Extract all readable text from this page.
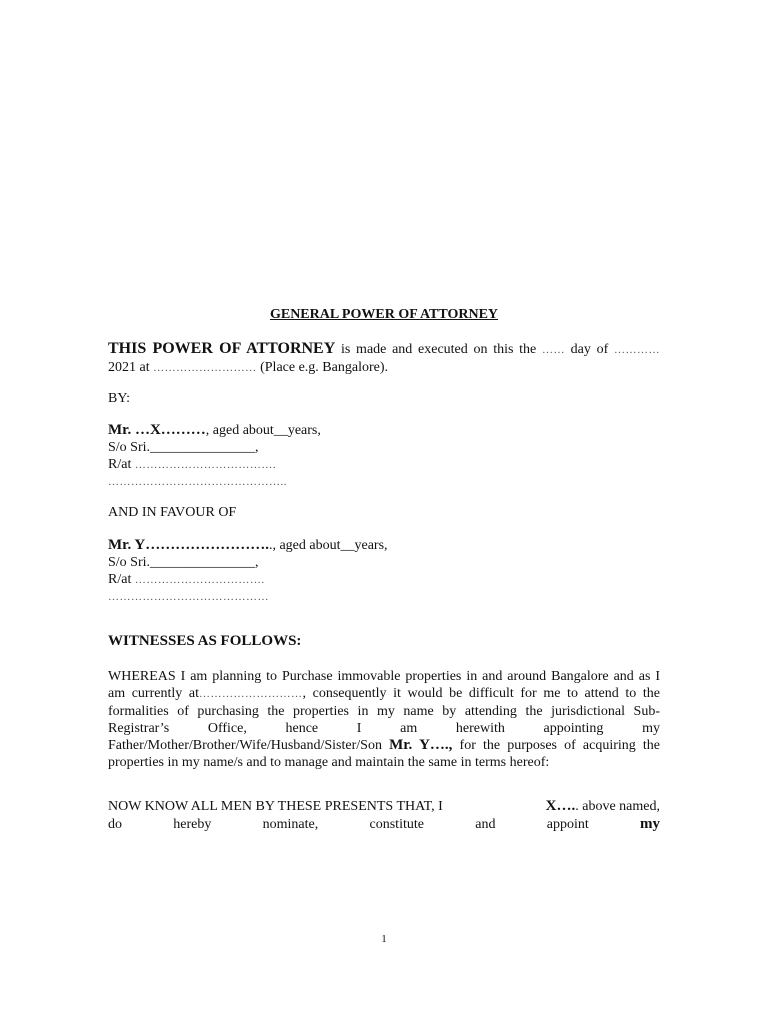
GENERAL POWER OF ATTORNEY

THIS POWER OF ATTORNEY is made and executed on this the …… day of ………… 2021 at ……………………… (Place e.g. Bangalore).

BY:

Mr. …X………, aged about__years,
S/o Sri._______________,
R/at ……………………………….
………………………………………..

AND IN FAVOUR OF

Mr. Y…………………….., aged about__years,
S/o Sri._______________,
R/at …………………………….
……………………………………

WITNESSES AS FOLLOWS:

WHEREAS I am planning to Purchase immovable properties in and around Bangalore and as I am currently at………………………, consequently it would be difficult for me to attend to the formalities of purchasing the properties in my name by attending the jurisdictional Sub-Registrar’s Office, hence I am herewith appointing my Father/Mother/Brother/Wife/Husband/Sister/Son Mr. Y…., for the purposes of acquiring the properties in my name/s and to manage and maintain the same in terms hereof:

NOW KNOW ALL MEN BY THESE PRESENTS THAT, I	X….. above named,

do hereby nominate, constitute and appoint	my

1
